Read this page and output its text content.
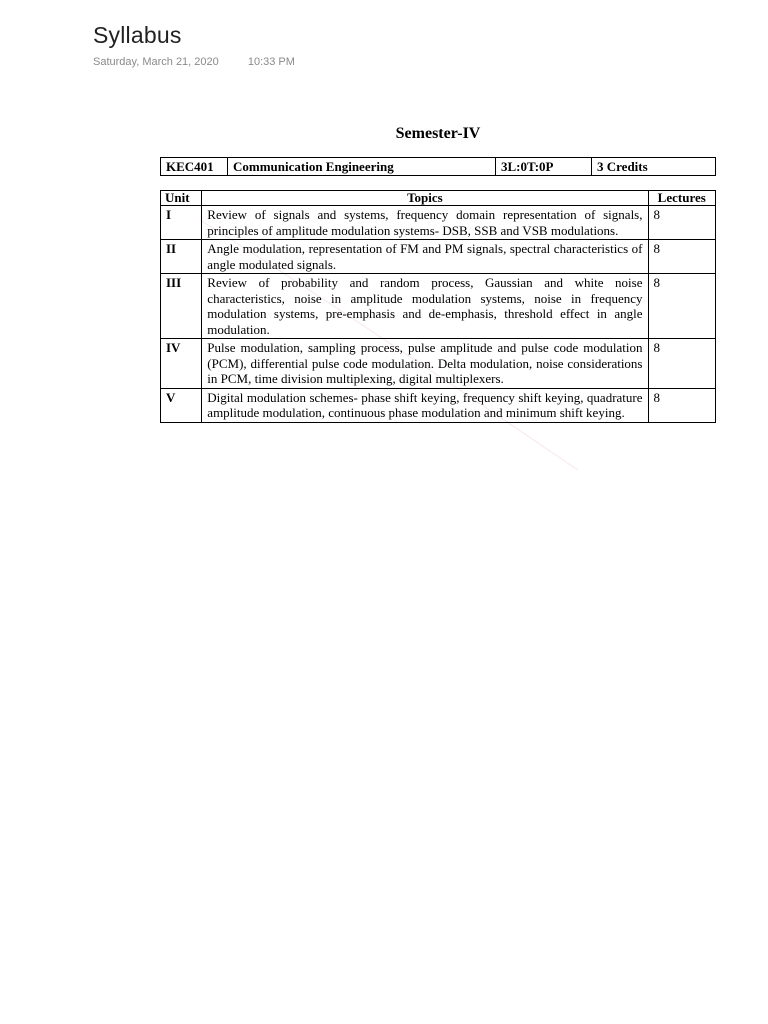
Syllabus
Saturday, March 21, 2020	10:33 PM
Semester-IV
KEC401	Communication Engineering	3L:0T:0P	3 Credits
Unit	Topics	Lectures
I	Review of signals and systems, frequency domain representation of signals, principles of amplitude modulation systems- DSB, SSB and VSB modulations.	8
II	Angle modulation, representation of FM and PM signals, spectral characteristics of angle modulated signals.	8
III	Review of probability and random process, Gaussian and white noise characteristics, noise in amplitude modulation systems, noise in frequency modulation systems, pre-emphasis and de-emphasis, threshold effect in angle modulation.	8
IV	Pulse modulation, sampling process, pulse amplitude and pulse code modulation (PCM), differential pulse code modulation. Delta modulation, noise considerations in PCM, time division multiplexing, digital multiplexers.	8
V	Digital modulation schemes- phase shift keying, frequency shift keying, quadrature amplitude modulation, continuous phase modulation and minimum shift keying.	8
